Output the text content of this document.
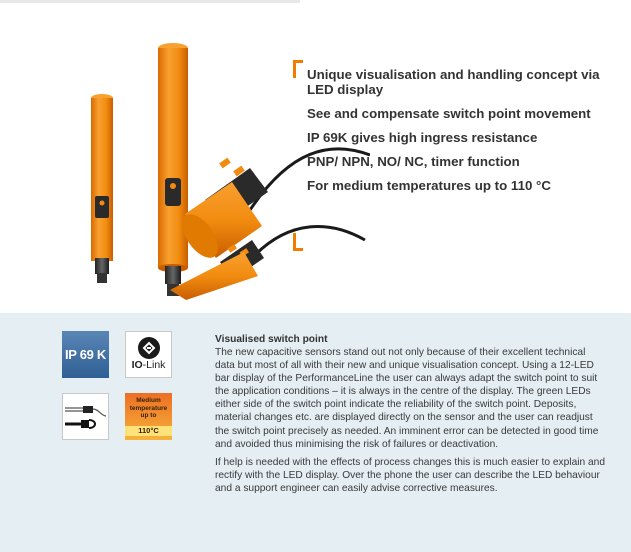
Unique visualisation and handling concept via LED display
See and compensate switch point movement
IP 69K gives high ingress resistance
PNP/ NPN, NO/ NC, timer function
For medium temperatures up to 110 °C
IP 69 K
IO-Link
Medium temperature up to
110°C
Visualised switch point

The new capacitive sensors stand out not only because of their excellent technical data but most of all with their new and unique visualisation concept. Using a 12-LED bar display of the PerformanceLine the user can always adapt the switch point to suit the application conditions – it is always in the centre of the display. The green LEDs either side of the switch point indicate the reliability of the switch point. Deposits, material changes etc. are displayed directly on the sensor and the user can readjust the switch point precisely as needed. An imminent error can be detected in good time and avoided thus minimising the risk of failures or deactivation.

If help is needed with the effects of process changes this is much easier to explain and rectify with the LED display. Over the phone the user can describe the LED behaviour and a support engineer can easily advise corrective measures.
